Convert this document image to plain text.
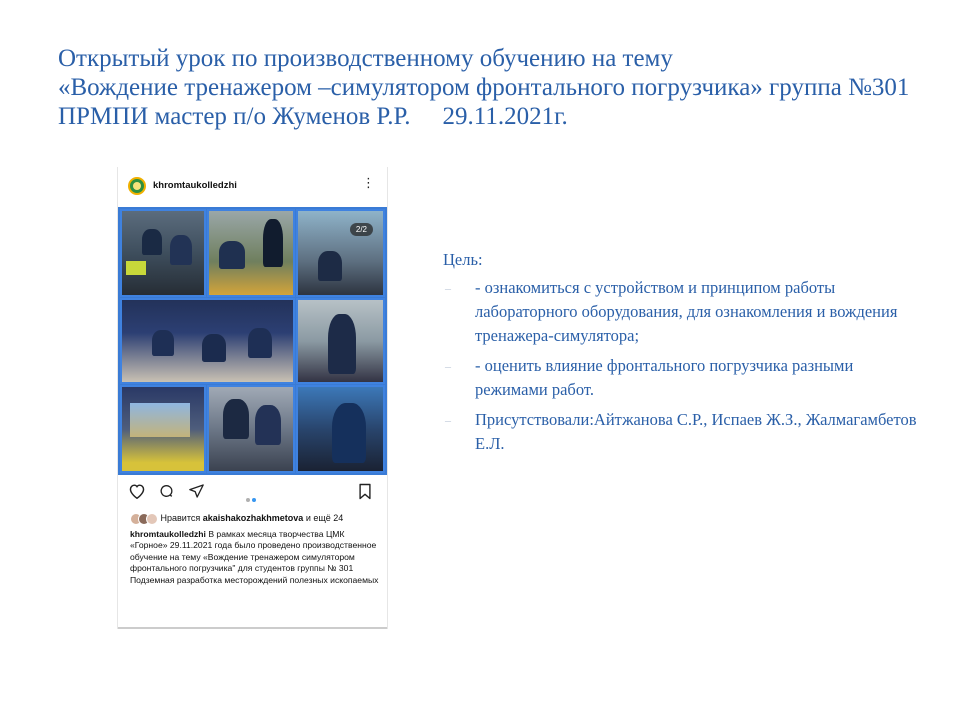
Открытый урок по производственному обучению на тему
«Вождение тренажером –симулятором фронтального погрузчика» группа №301
ПРМПИ мастер п/о Жуменов Р.Р. 29.11.2021г.
khromtaukolledzhi	⋮
2/2
Нравится akaishakozhakhmetova и ещё 24
khromtaukolledzhi В рамках месяца творчества ЦМК «Горное» 29.11.2021 года было проведено производственное обучение на тему «Вождение тренажером симулятором фронтального погрузчика" для студентов группы № 301 Подземная разработка месторождений полезных ископаемых
Цель:
– - ознакомиться с устройством и принципом работы лабораторного оборудования, для ознакомления и вождения тренажера-симулятора;
– - оценить влияние фронтального погрузчика разными режимами работ.
– Присутствовали:Айтжанова С.Р., Испаев Ж.З., Жалмагамбетов Е.Л.
